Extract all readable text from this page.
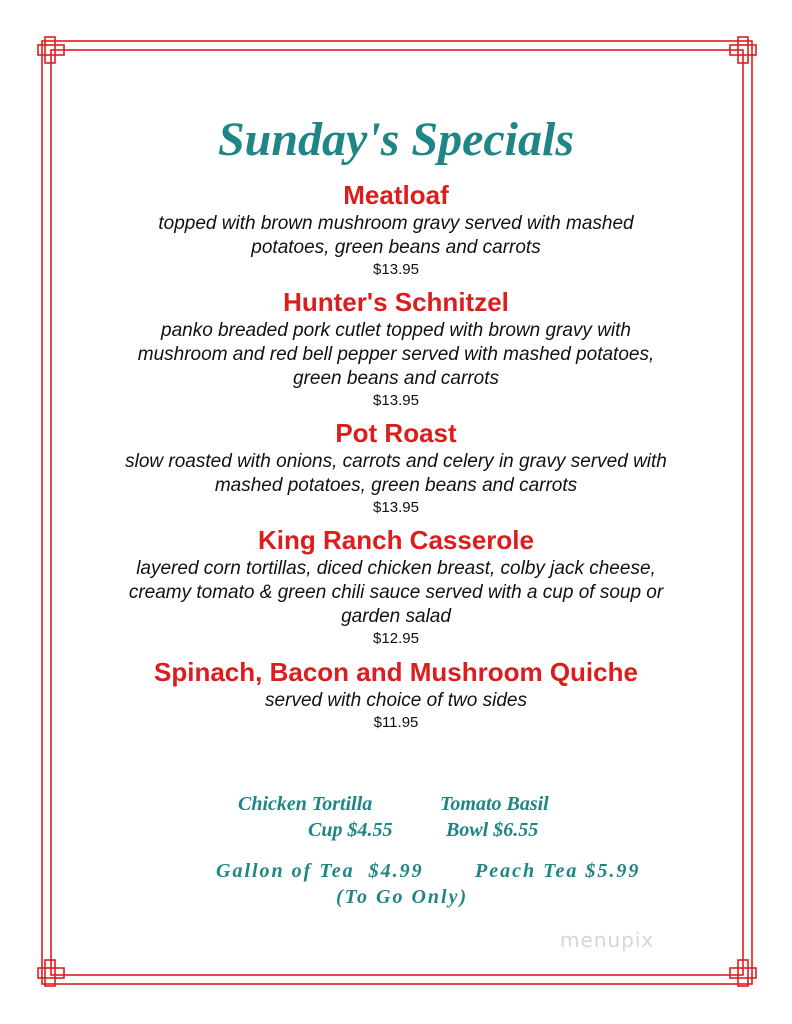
Sunday's Specials
Meatloaf
topped with brown mushroom gravy served with mashed
potatoes, green beans and carrots
$13.95
Hunter's Schnitzel
panko breaded pork cutlet topped with brown gravy with
mushroom and red bell pepper served with mashed potatoes,
green beans and carrots
$13.95
Pot Roast
slow roasted with onions, carrots and celery in gravy served with
mashed potatoes, green beans and carrots
$13.95
King Ranch Casserole
layered corn tortillas, diced chicken breast, colby jack cheese,
creamy tomato & green chili sauce served with a cup of soup or
garden salad
$12.95
Spinach, Bacon and Mushroom Quiche
served with choice of two sides
$11.95
Chicken Tortilla	Tomato Basil
Cup $4.55	Bowl $6.55
Gallon of Tea  $4.99	Peach Tea $5.99
(To Go Only)
menupix
